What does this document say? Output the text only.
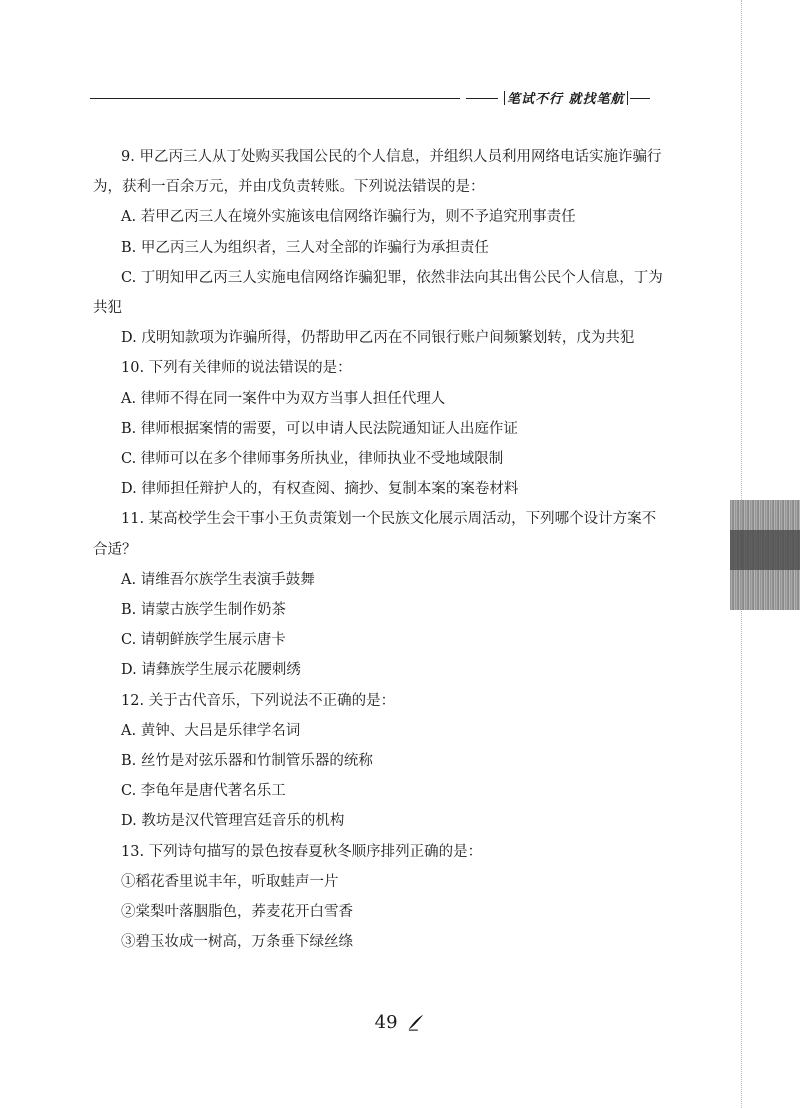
笔试不行 就找笔航

9. 甲乙丙三人从丁处购买我国公民的个人信息，并组织人员利用网络电话实施诈骗行为，获利一百余万元，并由戊负责转账。下列说法错误的是：

A. 若甲乙丙三人在境外实施该电信网络诈骗行为，则不予追究刑事责任

B. 甲乙丙三人为组织者，三人对全部的诈骗行为承担责任

C. 丁明知甲乙丙三人实施电信网络诈骗犯罪，依然非法向其出售公民个人信息，丁为共犯

D. 戊明知款项为诈骗所得，仍帮助甲乙丙在不同银行账户间频繁划转，戊为共犯

10. 下列有关律师的说法错误的是：

A. 律师不得在同一案件中为双方当事人担任代理人

B. 律师根据案情的需要，可以申请人民法院通知证人出庭作证

C. 律师可以在多个律师事务所执业，律师执业不受地域限制

D. 律师担任辩护人的，有权查阅、摘抄、复制本案的案卷材料

11. 某高校学生会干事小王负责策划一个民族文化展示周活动，下列哪个设计方案不合适？

A. 请维吾尔族学生表演手鼓舞

B. 请蒙古族学生制作奶茶

C. 请朝鲜族学生展示唐卡

D. 请彝族学生展示花腰刺绣

12. 关于古代音乐，下列说法不正确的是：

A. 黄钟、大吕是乐律学名词

B. 丝竹是对弦乐器和竹制管乐器的统称

C. 李龟年是唐代著名乐工

D. 教坊是汉代管理宫廷音乐的机构

13. 下列诗句描写的景色按春夏秋冬顺序排列正确的是：

①稻花香里说丰年，听取蛙声一片

②棠梨叶落胭脂色，荞麦花开白雪香

③碧玉妆成一树高，万条垂下绿丝绦

49
